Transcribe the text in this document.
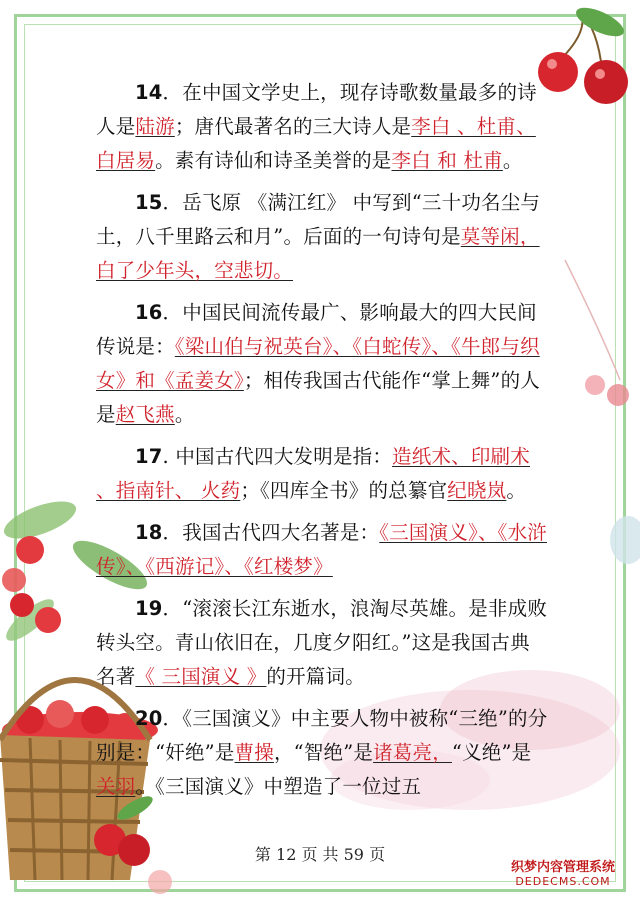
14．在中国文学史上，现存诗歌数量最多的诗人是陆游；唐代最著名的三大诗人是李白 、杜甫、白居易。素有诗仙和诗圣美誉的是李白 和 杜甫。

15．岳飞原 《满江红》 中写到“三十功名尘与土，八千里路云和月”。后面的一句诗句是莫等闲，白了少年头，空悲切。

16．中国民间流传最广、影响最大的四大民间传说是：《梁山伯与祝英台》、《白蛇传》、《牛郎与织女》和《孟姜女》；相传我国古代能作“掌上舞”的人是赵飞燕。

17. 中国古代四大发明是指：造纸术、印刷术 、指南针、 火药；《四库全书》的总纂官纪晓岚。

18．我国古代四大名著是：《三国演义》、《水浒传》、《西游记》、《红楼梦》

19．“滚滚长江东逝水，浪淘尽英雄。是非成败转头空。青山依旧在，几度夕阳红。”这是我国古典名著《 三国演义 》的开篇词。

20．《三国演义》中主要人物中被称“三绝”的分别是：“奸绝”是曹操，“智绝”是诸葛亮，“义绝”是关羽。《三国演义》中塑造了一位过五

第 12 页 共 59 页
织梦内容管理系统
DEDECMS.COM
